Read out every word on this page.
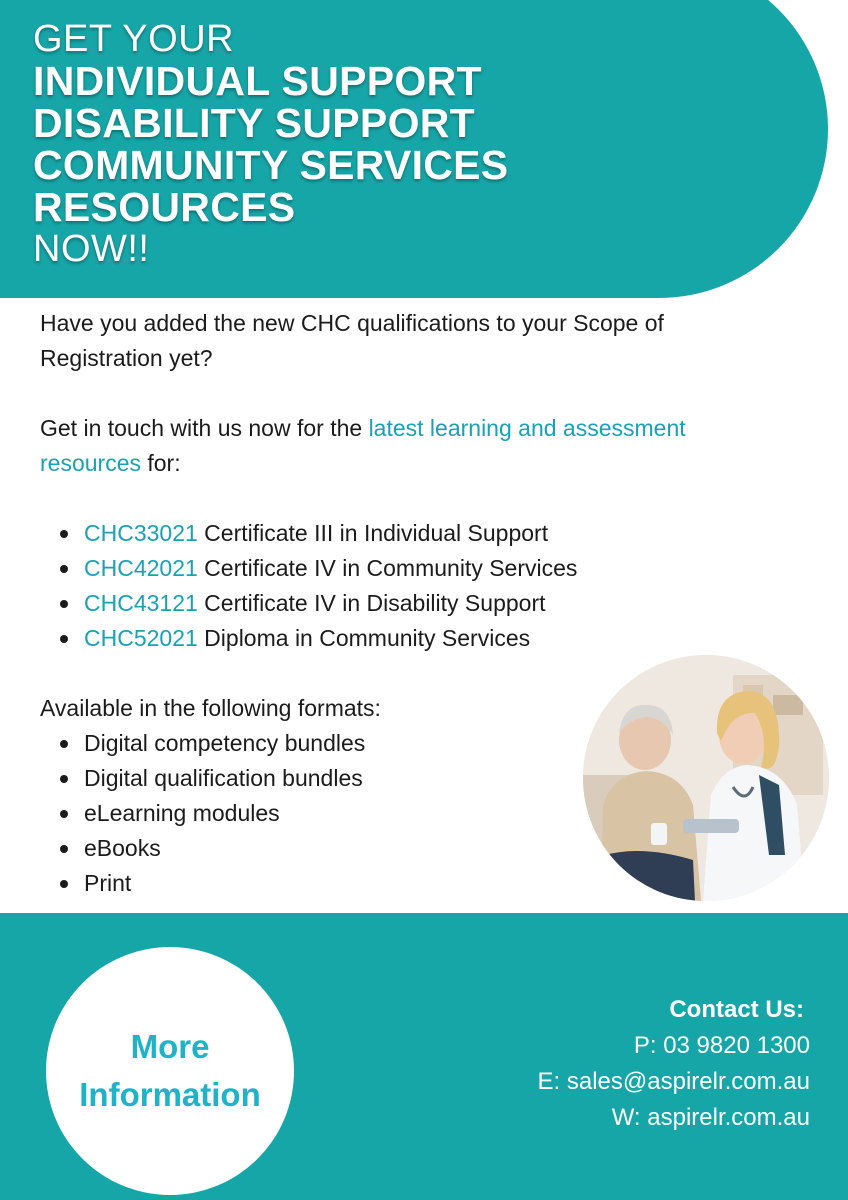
GET YOUR
INDIVIDUAL SUPPORT
DISABILITY SUPPORT
COMMUNITY SERVICES
RESOURCES
NOW!!

Have you added the new CHC qualifications to your Scope of Registration yet?

Get in touch with us now for the latest learning and assessment resources for:

CHC33021 Certificate III in Individual Support
CHC42021 Certificate IV in Community Services
CHC43121 Certificate IV in Disability Support
CHC52021 Diploma in Community Services

Available in the following formats:

Digital competency bundles
Digital qualification bundles
eLearning modules
eBooks
Print
More
Information
Contact Us:
P: 03 9820 1300
E: sales@aspirelr.com.au
W: aspirelr.com.au
